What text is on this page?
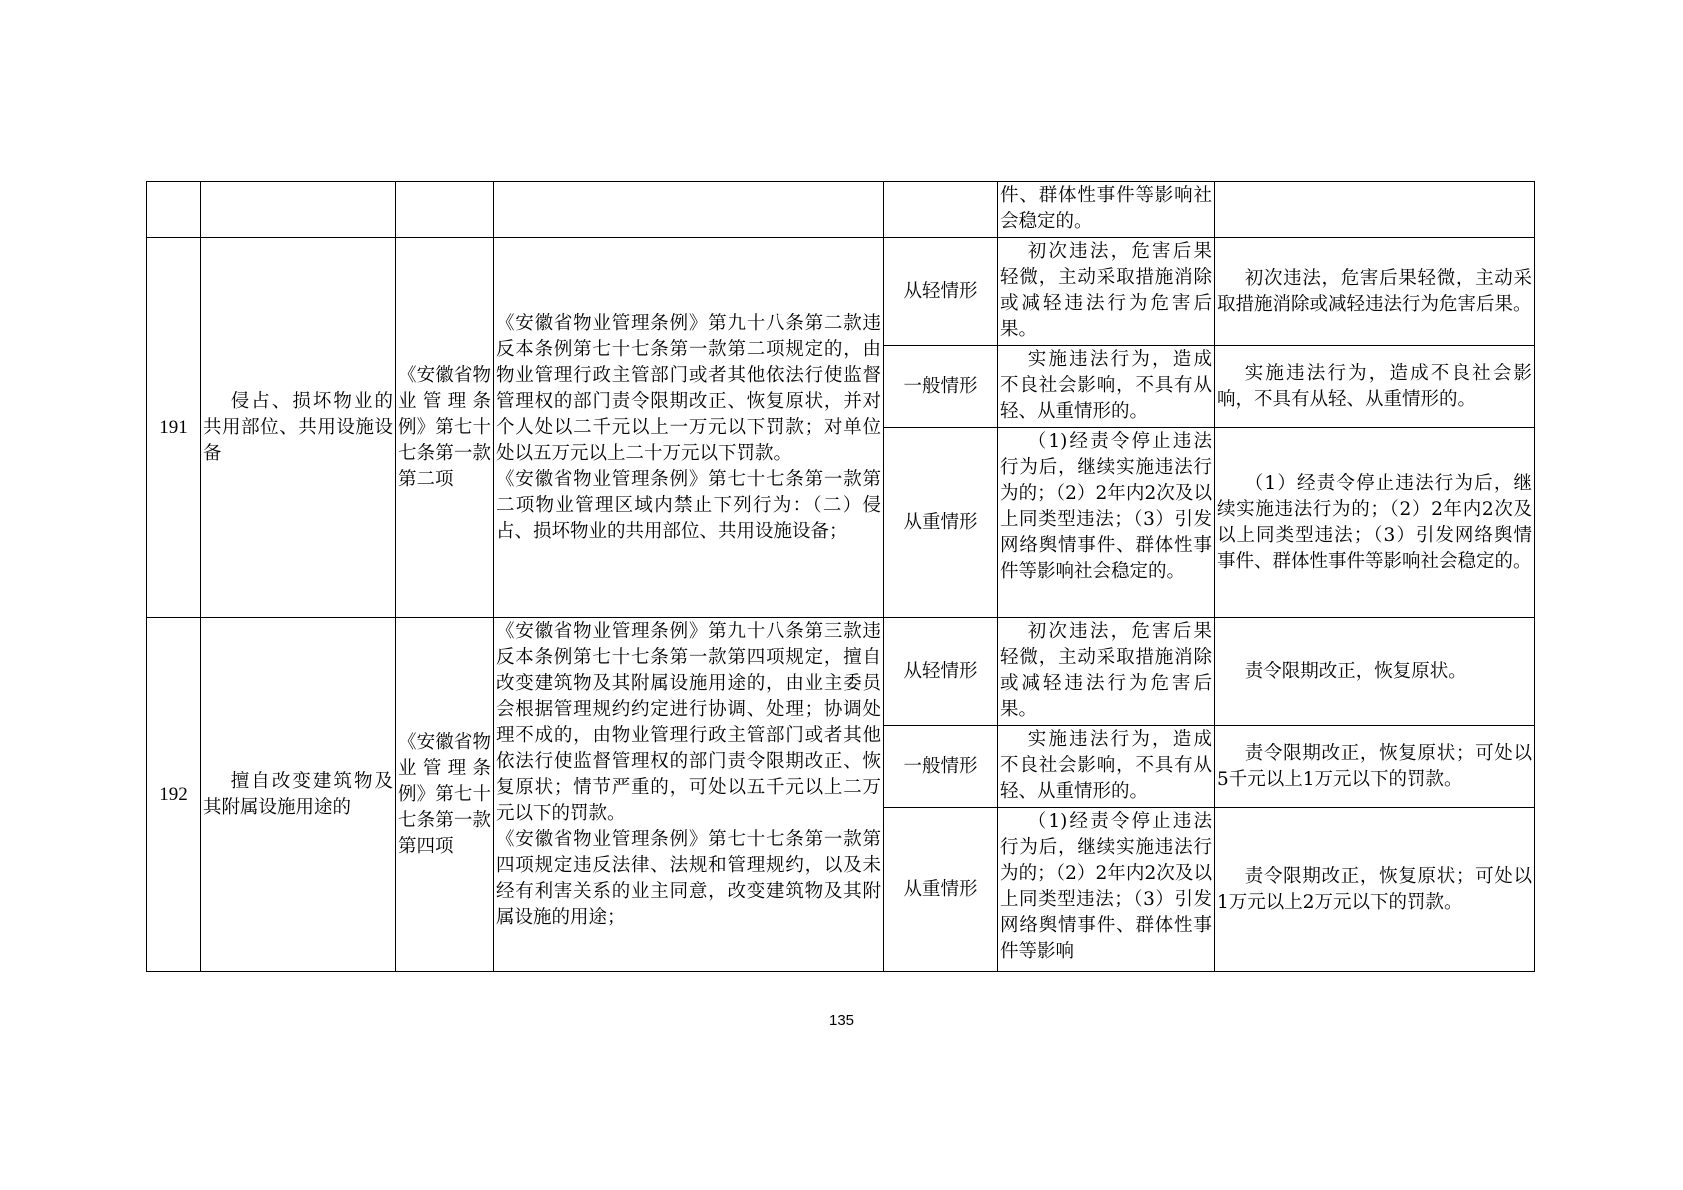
					件、群体性事件等影响社会稳定的。	
191	侵占、损坏物业的共用部位、共用设施设备	《安徽省物业管理条例》第七十七条第一款第二项	《安徽省物业管理条例》第九十八条第二款违反本条例第七十七条第一款第二项规定的，由物业管理行政主管部门或者其他依法行使监督管理权的部门责令限期改正、恢复原状，并对个人处以二千元以上一万元以下罚款；对单位处以五万元以上二十万元以下罚款。
《安徽省物业管理条例》第七十七条第一款第二项物业管理区域内禁止下列行为：（二）侵占、损坏物业的共用部位、共用设施设备；	从轻情形	初次违法，危害后果轻微，主动采取措施消除或减轻违法行为危害后果。	初次违法，危害后果轻微，主动采取措施消除或减轻违法行为危害后果。
				一般情形	实施违法行为，造成不良社会影响，不具有从轻、从重情形的。	实施违法行为，造成不良社会影响，不具有从轻、从重情形的。
				从重情形	（1)经责令停止违法行为后，继续实施违法行为的；（2）2年内2次及以上同类型违法；（3）引发网络舆情事件、群体性事件等影响社会稳定的。	（1）经责令停止违法行为后，继续实施违法行为的；（2）2年内2次及以上同类型违法；（3）引发网络舆情事件、群体性事件等影响社会稳定的。
192	擅自改变建筑物及其附属设施用途的	《安徽省物业管理条例》第七十七条第一款第四项	《安徽省物业管理条例》第九十八条第三款违反本条例第七十七条第一款第四项规定，擅自改变建筑物及其附属设施用途的，由业主委员会根据管理规约约定进行协调、处理；协调处理不成的，由物业管理行政主管部门或者其他依法行使监督管理权的部门责令限期改正、恢复原状；情节严重的，可处以五千元以上二万元以下的罚款。
《安徽省物业管理条例》第七十七条第一款第四项规定违反法律、法规和管理规约，以及未经有利害关系的业主同意，改变建筑物及其附属设施的用途；	从轻情形	初次违法，危害后果轻微，主动采取措施消除或减轻违法行为危害后果。	责令限期改正，恢复原状。
				一般情形	实施违法行为，造成不良社会影响，不具有从轻、从重情形的。	责令限期改正，恢复原状；可处以5千元以上1万元以下的罚款。
				从重情形	（1)经责令停止违法行为后，继续实施违法行为的；（2）2年内2次及以上同类型违法；（3）引发网络舆情事件、群体性事件等影响	责令限期改正，恢复原状；可处以1万元以上2万元以下的罚款。
135
